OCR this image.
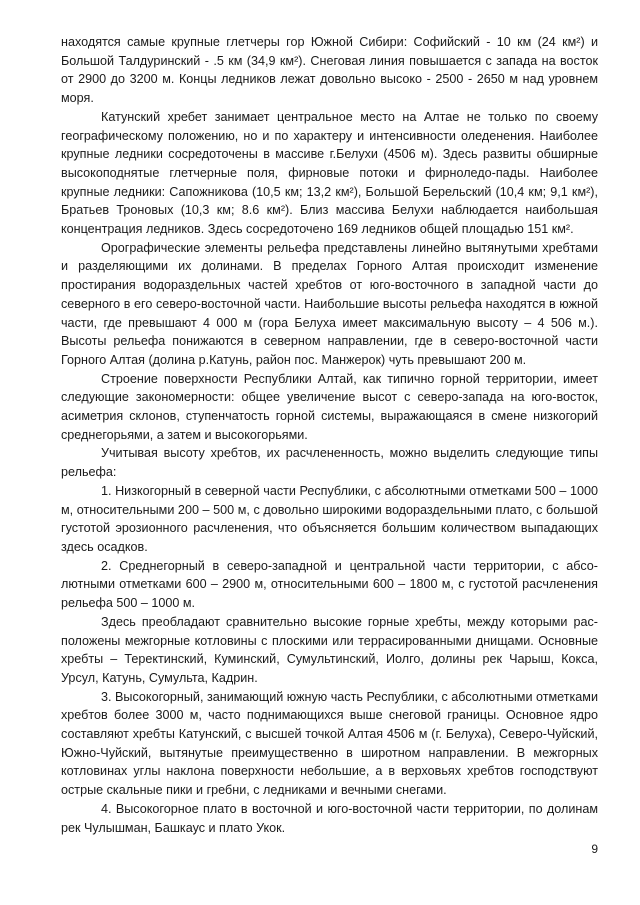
находятся самые крупные глетчеры гор Южной Сибири: Софийский - 10 км (24 км²) и Большой Талдуринский - .5 км (34,9 км²). Снеговая линия повышается с запада на восток от 2900 до 3200 м. Концы ледников лежат довольно высоко - 2500 - 2650 м над уровнем моря.

Катунский хребет занимает центральное место на Алтае не только по своему географическому положению, но и по характеру и интенсивности оледенения. Наиболее крупные ледники сосредоточены в массиве г.Белухи (4506 м). Здесь развиты обширные высокоподнятые глетчерные поля, фирновые потоки и фирноледо-пады. Наиболее крупные ледники: Сапожникова (10,5 км; 13,2 км²), Большой Берельский (10,4 км; 9,1 км²), Братьев Троновых (10,3 км; 8.6 км²). Близ массива Белухи наблюдается наибольшая концентрация ледников. Здесь сосредоточено 169 ледников общей площадью 151 км².

Орографические элементы рельефа представлены линейно вытянутыми хребтами и разделяющими их долинами. В пределах Горного Алтая происходит изменение простирания водораздельных частей хребтов от юго-восточного в западной части до северного в его северо-восточной части. Наибольшие высоты рельефа находятся в южной части, где превышают 4 000 м (гора Белуха имеет максимальную высоту – 4 506 м.). Высоты рельефа понижаются в северном направлении, где в северо-восточной части Горного Алтая (долина р.Катунь, район пос. Манжерок) чуть превышают 200 м.

Строение поверхности Республики Алтай, как типично горной территории, имеет следующие закономерности: общее увеличение высот с северо-запада на юго-восток, асиметрия склонов, ступенчатость горной системы, выражающаяся в смене низкогорий среднегорьями, а затем и высокогорьями.

Учитывая высоту хребтов, их расчлененность, можно выделить следующие типы рельефа:

1. Низкогорный в северной части Республики, с абсолютными отметками 500 – 1000 м, относительными 200 – 500 м, с довольно широкими водораздельными плато, с большой густотой эрозионного расчленения, что объясняется большим количеством выпадающих здесь осадков.

2. Среднегорный в северо-западной и центральной части территории, с абсолютными отметками 600 – 2900 м, относительными 600 – 1800 м, с густотой расчленения рельефа 500 – 1000 м.

Здесь преобладают сравнительно высокие горные хребты, между которыми расположены межгорные котловины с плоскими или террасированными днищами. Основные хребты – Теректинский, Куминский, Сумультинский, Иолго, долины рек Чарыш, Кокса, Урсул, Катунь, Сумульта, Кадрин.

3. Высокогорный, занимающий южную часть Республики, с абсолютными отметками хребтов более 3000 м, часто поднимающихся выше снеговой границы. Основное ядро составляют хребты Катунский, с высшей точкой Алтая 4506 м (г. Белуха), Северо-Чуйский, Южно-Чуйский, вытянутые преимущественно в широтном направлении. В межгорных котловинах углы наклона поверхности небольшие, а в верховьях хребтов господствуют острые скальные пики и гребни, с ледниками и вечными снегами.

4. Высокогорное плато в восточной и юго-восточной части территории, по долинам рек Чулышман, Башкаус и плато Укок.

9
